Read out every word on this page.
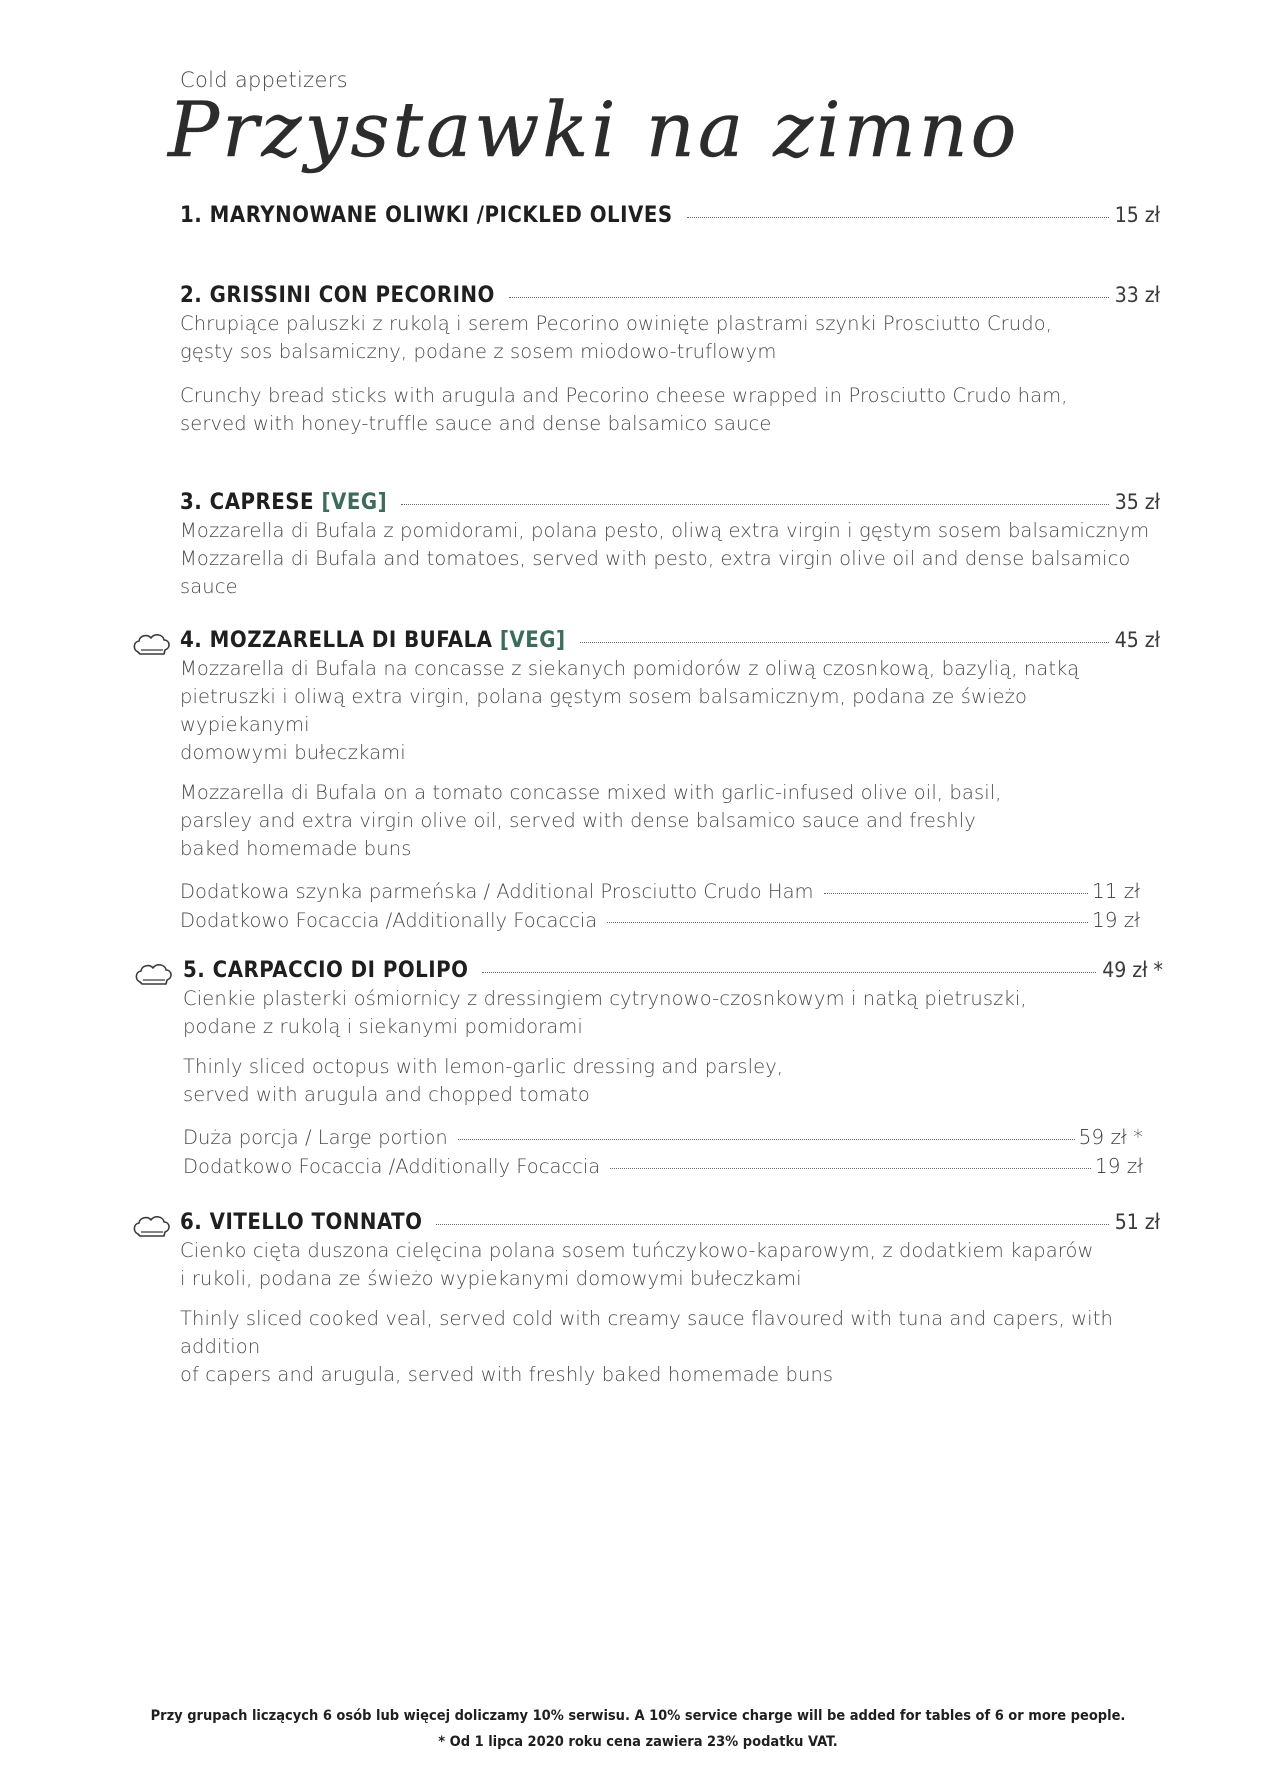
Cold appetizers
Przystawki na zimno
1. MARYNOWANE OLIWKI /PICKLED OLIVES	15 zł
2. GRISSINI CON PECORINO	33 zł

Chrupiące paluszki z rukolą i serem Pecorino owinięte plastrami szynki Prosciutto Crudo,
gęsty sos balsamiczny, podane z sosem miodowo-truflowym

Crunchy bread sticks with arugula and Pecorino cheese wrapped in Prosciutto Crudo ham,
served with honey-truffle sauce and dense balsamico sauce

3. CAPRESE [VEG]	35 zł

Mozzarella di Bufala z pomidorami, polana pesto, oliwą extra virgin i gęstym sosem balsamicznym

Mozzarella di Bufala and tomatoes, served with pesto, extra virgin olive oil and dense balsamico sauce

4. MOZZARELLA DI BUFALA [VEG]	45 zł

Mozzarella di Bufala na concasse z siekanych pomidorów z oliwą czosnkową, bazylią, natką
pietruszki i oliwą extra virgin, polana gęstym sosem balsamicznym, podana ze świeżo wypiekanymi
domowymi bułeczkami

Mozzarella di Bufala on a tomato concasse mixed with garlic-infused olive oil, basil,
parsley and extra virgin olive oil, served with dense balsamico sauce and freshly
baked homemade buns

Dodatkowa szynka parmeńska / Additional Prosciutto Crudo Ham	11 zł
Dodatkowo Focaccia /Additionally Focaccia	19 zł
5. CARPACCIO DI POLIPO	49 zł *

Cienkie plasterki ośmiornicy z dressingiem cytrynowo-czosnkowym i natką pietruszki,
podane z rukolą i siekanymi pomidorami

Thinly sliced octopus with lemon-garlic dressing and parsley,
served with arugula and chopped tomato

Duża porcja / Large portion	59 zł *
Dodatkowo Focaccia /Additionally Focaccia	19 zł
6. VITELLO TONNATO	51 zł

Cienko cięta duszona cielęcina polana sosem tuńczykowo-kaparowym, z dodatkiem kaparów
i rukoli, podana ze świeżo wypiekanymi domowymi bułeczkami

Thinly sliced cooked veal, served cold with creamy sauce flavoured with tuna and capers, with addition
of capers and arugula, served with freshly baked homemade buns

Przy grupach liczących 6 osób lub więcej doliczamy 10% serwisu. A 10% service charge will be added for tables of 6 or more people.
* Od 1 lipca 2020 roku cena zawiera 23% podatku VAT.
